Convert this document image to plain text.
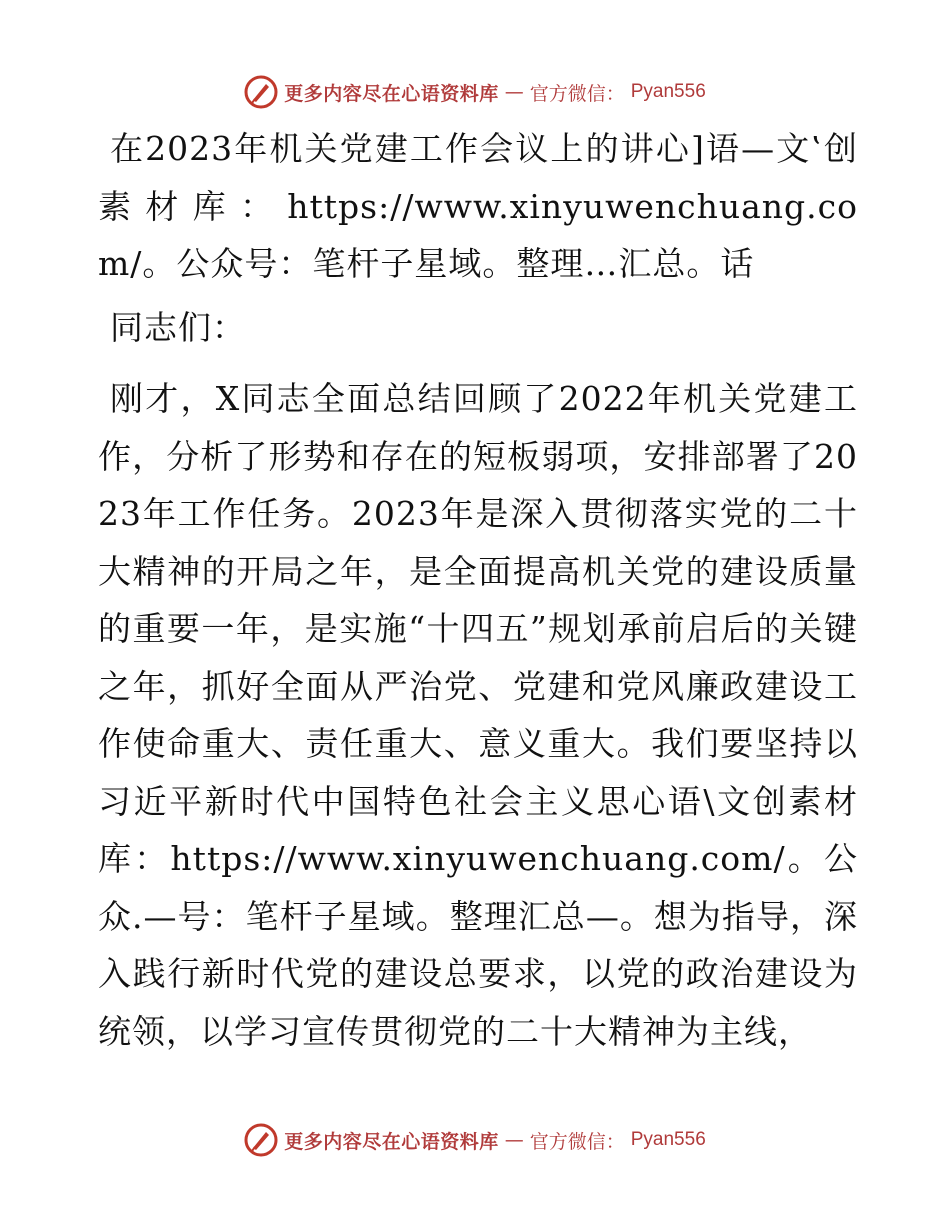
更多内容尽在心语资料库 — 官方微信： Pyan556

在2023年机关党建工作会议上的讲心]语—文‛创素材库：https://www.xinyuwenchuang.com/。公众号：笔杆子星域。整理…汇总。话

同志们：

刚才，X同志全面总结回顾了2022年机关党建工作，分析了形势和存在的短板弱项，安排部署了2023年工作任务。2023年是深入贯彻落实党的二十大精神的开局之年，是全面提高机关党的建设质量的重要一年，是实施“十四五”规划承前启后的关键之年，抓好全面从严治党、党建和党风廉政建设工作使命重大、责任重大、意义重大。我们要坚持以习近平新时代中国特色社会主义思心语\文创素材库：https://www.xinyuwenchuang.com/。公众.—号：笔杆子星域。整理汇总—。想为指导，深入践行新时代党的建设总要求，以党的政治建设为统领，以学习宣传贯彻党的二十大精神为主线，

更多内容尽在心语资料库 — 官方微信： Pyan556
